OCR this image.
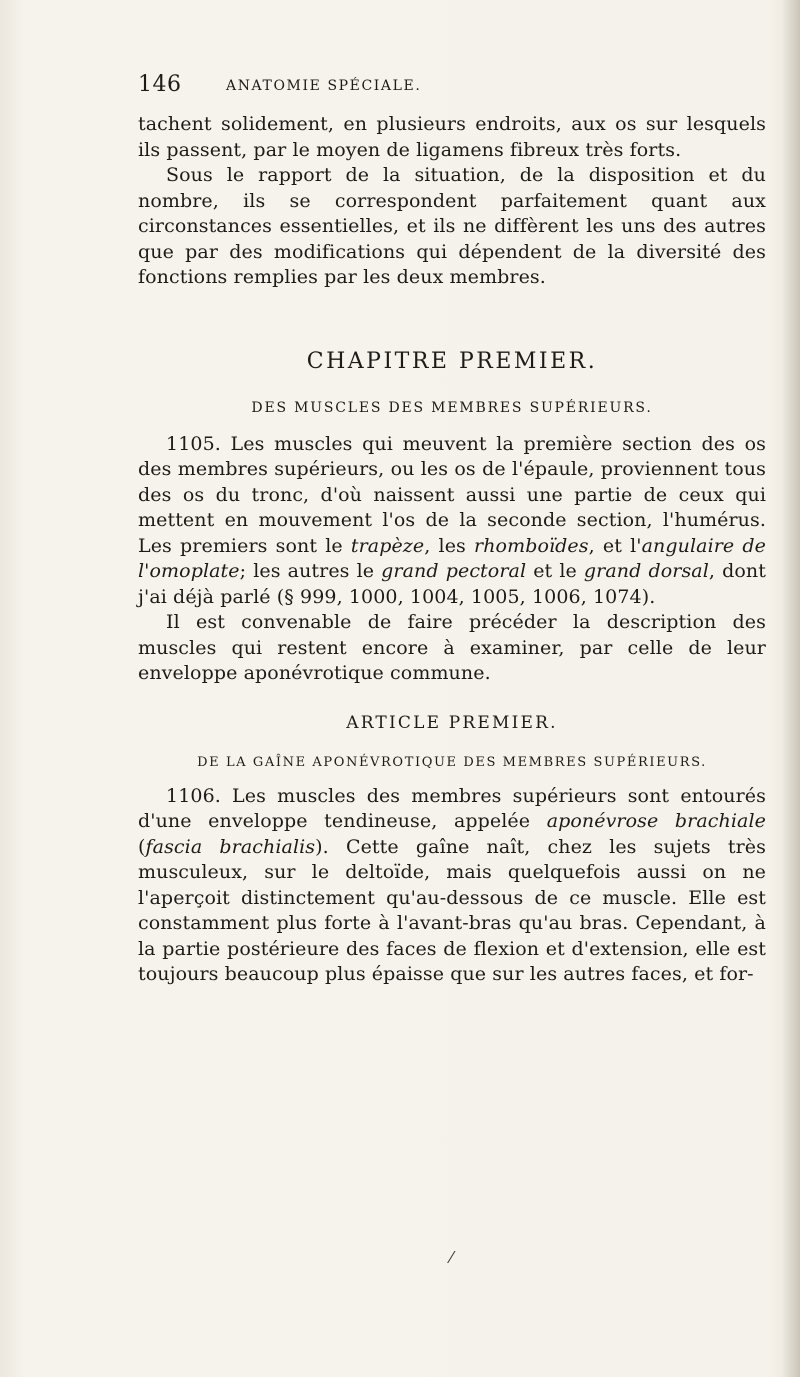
146	ANATOMIE SPÉCIALE.

tachent solidement, en plusieurs endroits, aux os sur lesquels ils passent, par le moyen de ligamens fibreux très forts.

Sous le rapport de la situation, de la disposition et du nombre, ils se correspondent parfaitement quant aux circonstances essentielles, et ils ne diffèrent les uns des autres que par des modifications qui dépendent de la diversité des fonctions remplies par les deux membres.

CHAPITRE PREMIER.
DES MUSCLES DES MEMBRES SUPÉRIEURS.

1105. Les muscles qui meuvent la première section des os des membres supérieurs, ou les os de l'épaule, proviennent tous des os du tronc, d'où naissent aussi une partie de ceux qui mettent en mouvement l'os de la seconde section, l'humérus. Les premiers sont le trapèze, les rhomboïdes, et l'angulaire de l'omoplate; les autres le grand pectoral et le grand dorsal, dont j'ai déjà parlé (§ 999, 1000, 1004, 1005, 1006, 1074).

Il est convenable de faire précéder la description des muscles qui restent encore à examiner, par celle de leur enveloppe aponévrotique commune.

ARTICLE PREMIER.
DE LA GAÎNE APONÉVROTIQUE DES MEMBRES SUPÉRIEURS.

1106. Les muscles des membres supérieurs sont entourés d'une enveloppe tendineuse, appelée aponévrose brachiale (fascia brachialis). Cette gaîne naît, chez les sujets très musculeux, sur le deltoïde, mais quelquefois aussi on ne l'aperçoit distinctement qu'au-dessous de ce muscle. Elle est constamment plus forte à l'avant-bras qu'au bras. Cependant, à la partie postérieure des faces de flexion et d'extension, elle est toujours beaucoup plus épaisse que sur les autres faces, et for-

⁄
